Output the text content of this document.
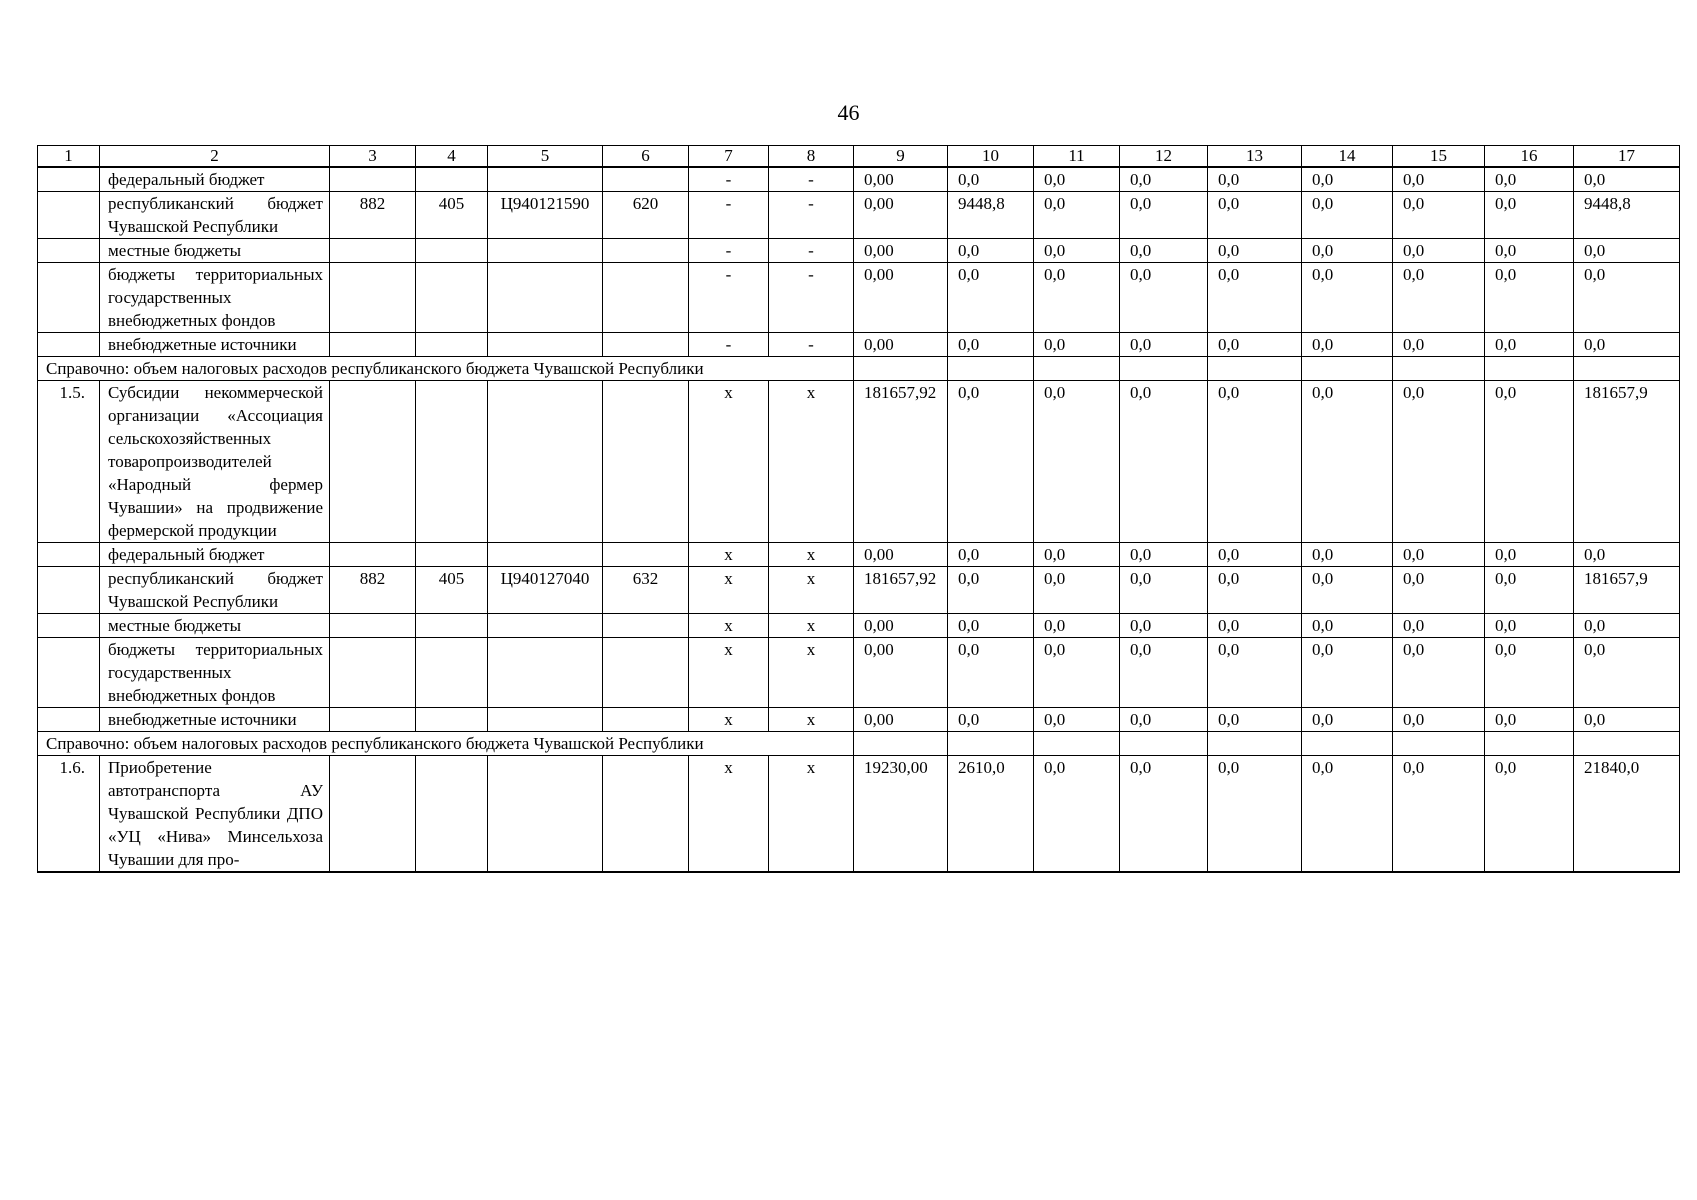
46
1	2	3	4	5	6	7	8	9	10	11	12	13	14	15	16	17
	федеральный бюджет					-	-	0,00	0,0	0,0	0,0	0,0	0,0	0,0	0,0	0,0
	республиканский бюджет Чувашской Республики	882	405	Ц940121590	620	-	-	0,00	9448,8	0,0	0,0	0,0	0,0	0,0	0,0	9448,8
	местные бюджеты					-	-	0,00	0,0	0,0	0,0	0,0	0,0	0,0	0,0	0,0
	бюджеты территориальных государственных внебюджетных фондов					-	-	0,00	0,0	0,0	0,0	0,0	0,0	0,0	0,0	0,0
	внебюджетные источники					-	-	0,00	0,0	0,0	0,0	0,0	0,0	0,0	0,0	0,0
Справочно: объем налоговых расходов республиканского бюджета Чувашской Республики																
1.5.	Субсидии некоммерческой организации «Ассоциация сельскохозяйственных товаропроизводителей «Народный фермер Чувашии» на продвижение фермерской продукции					x	x	181657,92	0,0	0,0	0,0	0,0	0,0	0,0	0,0	181657,9
	федеральный бюджет					x	x	0,00	0,0	0,0	0,0	0,0	0,0	0,0	0,0	0,0
	республиканский бюджет Чувашской Республики	882	405	Ц940127040	632	x	x	181657,92	0,0	0,0	0,0	0,0	0,0	0,0	0,0	181657,9
	местные бюджеты					x	x	0,00	0,0	0,0	0,0	0,0	0,0	0,0	0,0	0,0
	бюджеты территориальных государственных внебюджетных фондов					x	x	0,00	0,0	0,0	0,0	0,0	0,0	0,0	0,0	0,0
	внебюджетные источники					x	x	0,00	0,0	0,0	0,0	0,0	0,0	0,0	0,0	0,0
Справочно: объем налоговых расходов республиканского бюджета Чувашской Республики																
1.6.	Приобретение автотранспорта АУ Чувашской Республики ДПО «УЦ «Нива» Минсельхоза Чувашии для про-					x	x	19230,00	2610,0	0,0	0,0	0,0	0,0	0,0	0,0	21840,0
